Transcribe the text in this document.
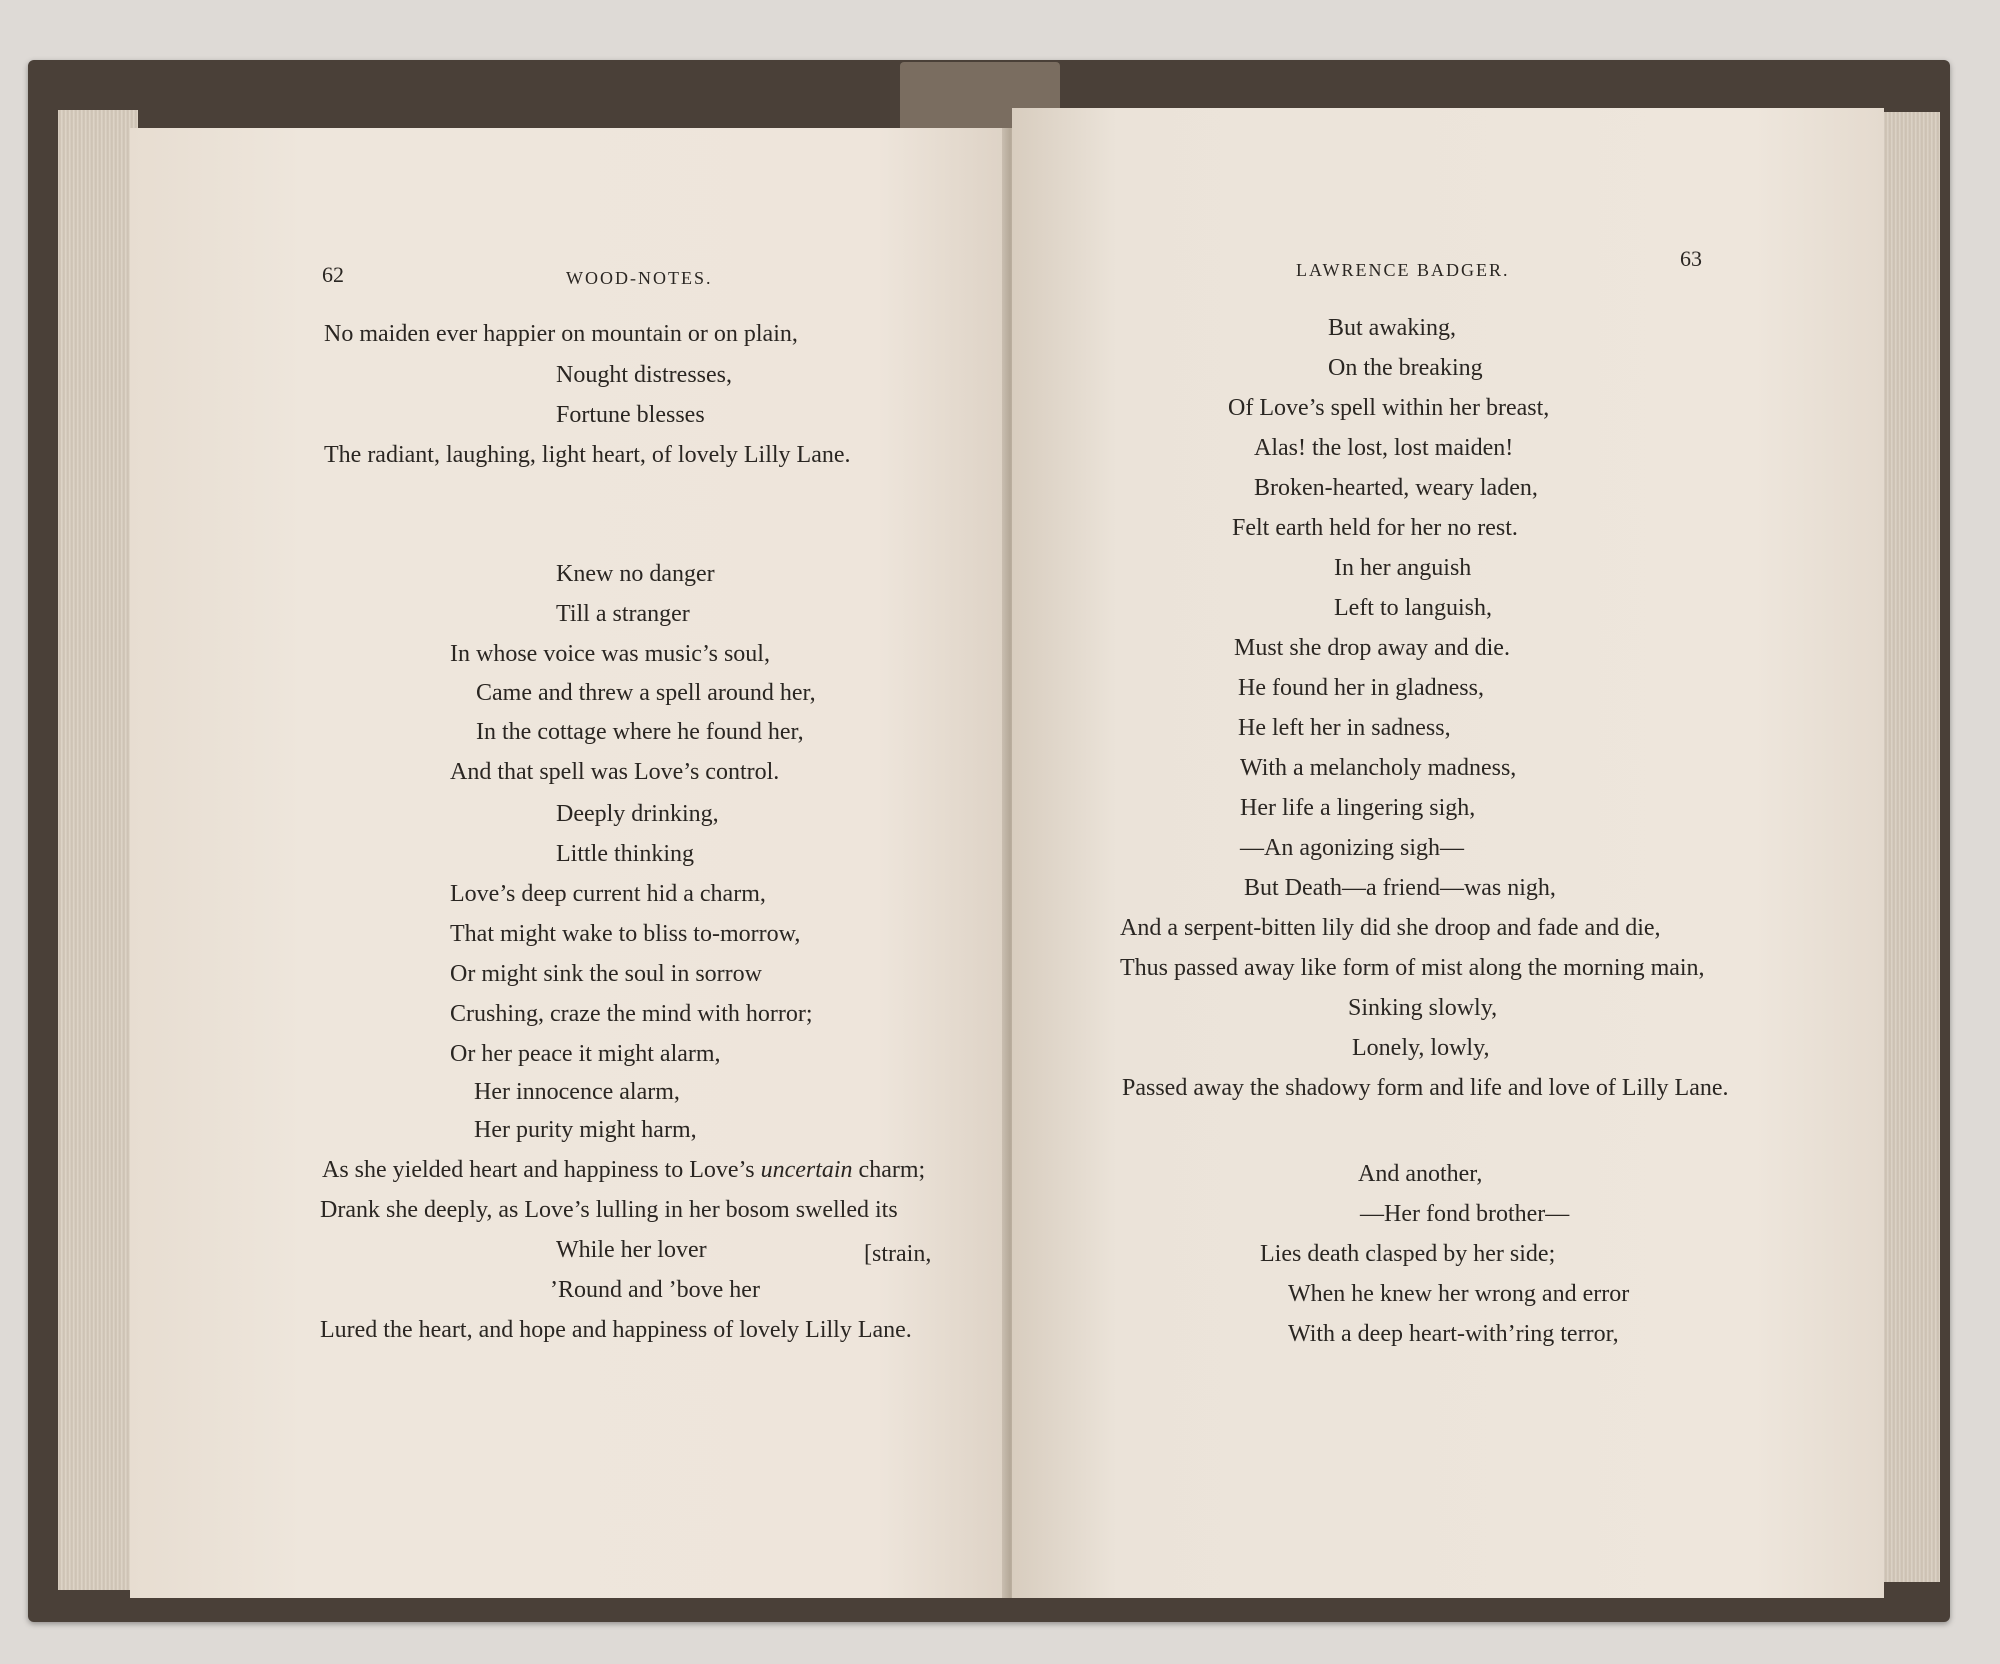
62	WOOD-NOTES.
No maiden ever happier on mountain or on plain,
Nought distresses,
Fortune blesses
The radiant, laughing, light heart, of lovely Lilly Lane.
Knew no danger
Till a stranger
In whose voice was music’s soul,
Came and threw a spell around her,
In the cottage where he found her,
And that spell was Love’s control.
Deeply drinking,
Little thinking
Love’s deep current hid a charm,
That might wake to bliss to-morrow,
Or might sink the soul in sorrow
Crushing, craze the mind with horror;
Or her peace it might alarm,
Her innocence alarm,
Her purity might harm,
As she yielded heart and happiness to Love’s uncertain charm;
Drank she deeply, as Love’s lulling in her bosom swelled its
While her lover	[strain,
’Round and ’bove her
Lured the heart, and hope and happiness of lovely Lilly Lane.
LAWRENCE BADGER.	63
But awaking,
On the breaking
Of Love’s spell within her breast,
Alas! the lost, lost maiden!
Broken-hearted, weary laden,
Felt earth held for her no rest.
In her anguish
Left to languish,
Must she drop away and die.
He found her in gladness,
He left her in sadness,
With a melancholy madness,
Her life a lingering sigh,
—An agonizing sigh—
But Death—a friend—was nigh,
And a serpent-bitten lily did she droop and fade and die,
Thus passed away like form of mist along the morning main,
Sinking slowly,
Lonely, lowly,
Passed away the shadowy form and life and love of Lilly Lane.
And another,
—Her fond brother—
Lies death clasped by her side;
When he knew her wrong and error
With a deep heart-with’ring terror,
